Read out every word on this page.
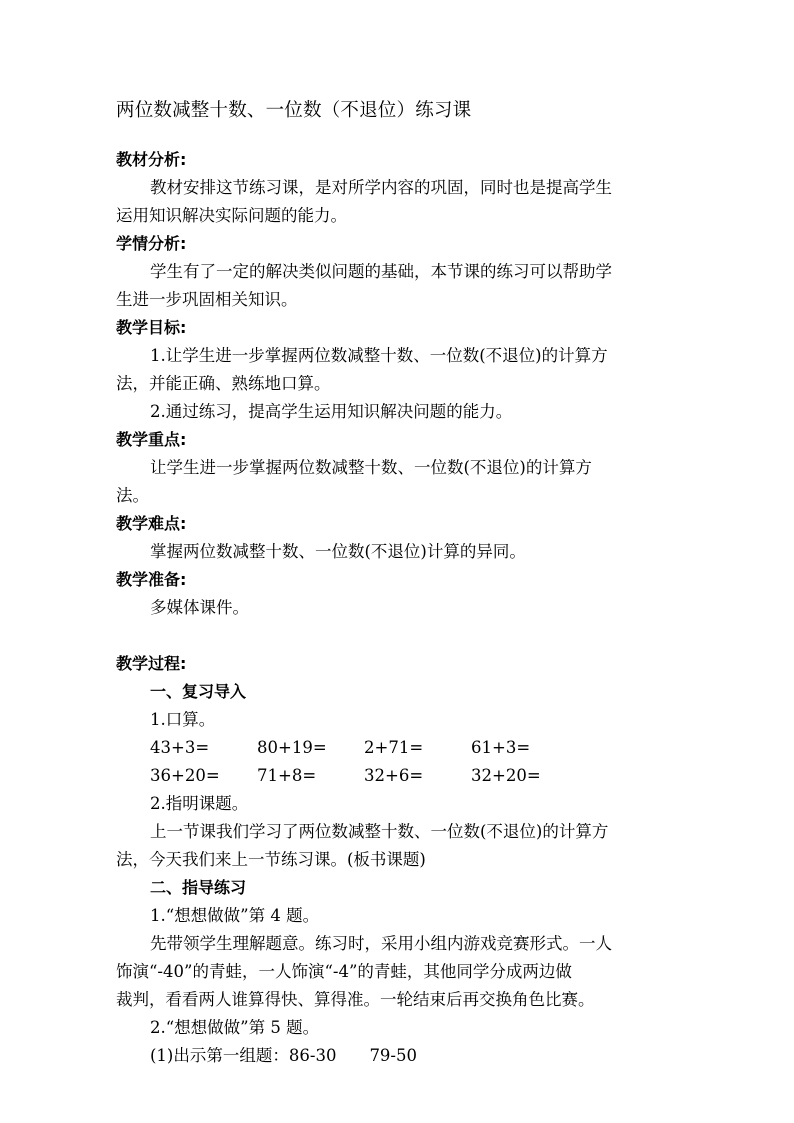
两位数减整十数、一位数（不退位）练习课
教材分析:
教材安排这节练习课，是对所学内容的巩固，同时也是提高学生
运用知识解决实际问题的能力。
学情分析:
学生有了一定的解决类似问题的基础，本节课的练习可以帮助学
生进一步巩固相关知识。
教学目标:
1.让学生进一步掌握两位数减整十数、一位数(不退位)的计算方
法，并能正确、熟练地口算。
2.通过练习，提高学生运用知识解决问题的能力。
教学重点:
让学生进一步掌握两位数减整十数、一位数(不退位)的计算方
法。
教学难点:
掌握两位数减整十数、一位数(不退位)计算的异同。
教学准备:
多媒体课件。
教学过程:
一、复习导入
1.口算。
43+3=	80+19=	2+71=	61+3=
36+20=	71+8=	32+6=	32+20=
2.指明课题。
上一节课我们学习了两位数减整十数、一位数(不退位)的计算方
法，今天我们来上一节练习课。(板书课题)
二、指导练习
1.“想想做做”第 4 题。
先带领学生理解题意。练习时，采用小组内游戏竞赛形式。一人
饰演“-40”的青蛙，一人饰演“-4”的青蛙，其他同学分成两边做
裁判，看看两人谁算得快、算得准。一轮结束后再交换角色比赛。
2.“想想做做”第 5 题。
(1)出示第一组题：86-30　　79-50
